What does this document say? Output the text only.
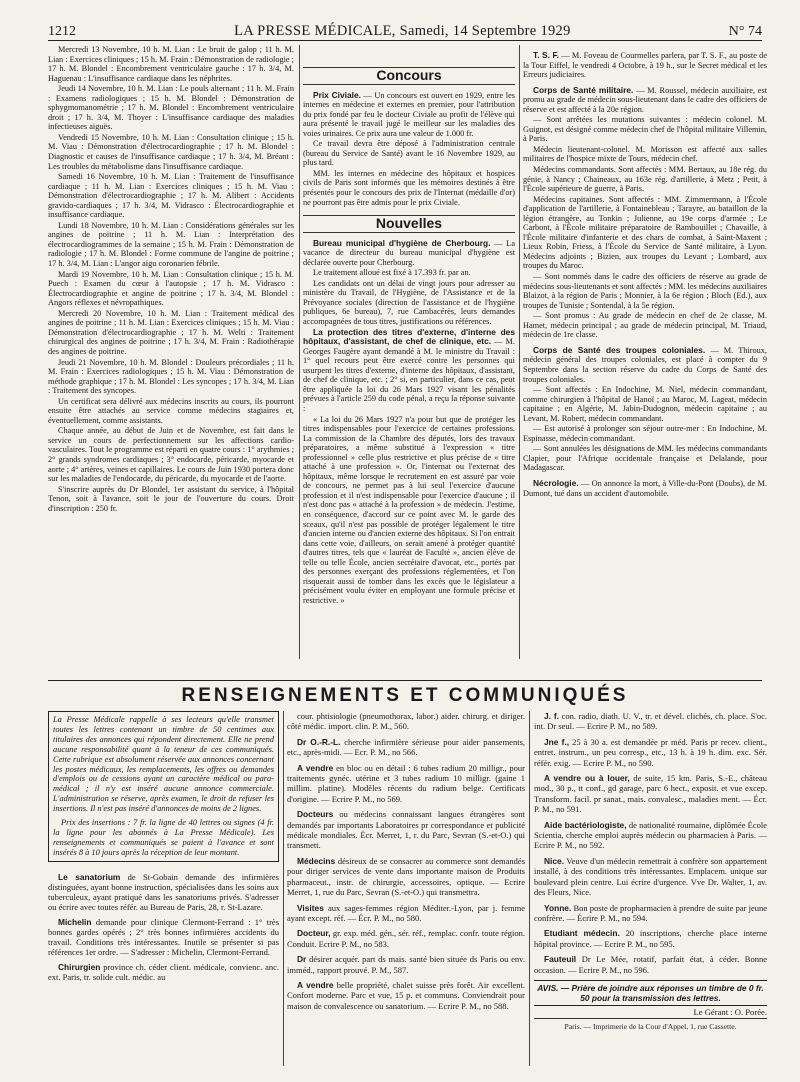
1212	LA PRESSE MÉDICALE, Samedi, 14 Septembre 1929	N° 74

Mercredi 13 Novembre, 10 h. M. Lian : Le bruit de galop ; 11 h. M. Lian : Exercices cliniques ; 15 h. M. Frain : Démonstration de radiologie ; 17 h. M. Blondel : Encombrement ventriculaire gauche : 17 h. 3/4, M. Haguenau : L'insuffisance cardiaque dans les néphrites.

Jeudi 14 Novembre, 10 h. M. Lian : Le pouls alternant ; 11 h. M. Frain : Examens radiologiques ; 15 h. M. Blondel : Démonstration de sphygmomanométrie ; 17 h. M. Blondel : Encombrement ventriculaire droit ; 17 h. 3/4, M. Thoyer : L'insuffisance cardiaque des maladies infectieuses aiguës.

Vendredi 15 Novembre, 10 h. M. Lian : Consultation clinique ; 15 h. M. Viau : Démonstration d'électrocardiographie ; 17 h. M. Blondel : Diagnostic et causes de l'insuffisance cardiaque ; 17 h. 3/4, M. Bréant : Les troubles du métabolisme dans l'insuffisance cardiaque.

Samedi 16 Novembre, 10 h. M. Lian : Traitement de l'insuffisance cardiaque ; 11 h. M. Lian : Exercices cliniques ; 15 h. M. Viau : Démonstration d'électrocardiographie ; 17 h. M. Alibert : Accidents gravido-cardiaques ; 17 h. 3/4, M. Vidrasco : Électrocardiographie et insuffisance cardiaque.

Lundi 18 Novembre, 10 h. M. Lian : Considérations générales sur les angines de poitrine ; 11 h. M. Lian : Interprétation des électrocardiogrammes de la semaine ; 15 h. M. Frain : Démonstration de radiologie ; 17 h. M. Blondel : Forme commune de l'angine de poitrine ; 17 h. 3/4, M. Lian : L'angor aigu coronarien fébrile.

Mardi 19 Novembre, 10 h. M. Lian : Consultation clinique ; 15 h. M. Puech : Examen du cœur à l'autopsie ; 17 h. M. Vidrasco : Électrocardiographie et angine de poitrine ; 17 h. 3/4, M. Blondel : Angors réflexes et névropathiques.

Mercredi 20 Novembre, 10 h. M. Lian : Traitement médical des angines de poitrine ; 11 h. M. Lian : Exercices cliniques ; 15 h. M. Viau : Démonstration d'électrocardiographie ; 17 h. M. Welti : Traitement chirurgical des angines de poitrine ; 17 h. 3/4, M. Frain : Radiothérapie des angines de poitrine.

Jeudi 21 Novembre, 10 h. M. Blondel : Douleurs précordiales ; 11 h. M. Frain : Exercices radiologiques ; 15 h. M. Viau : Démonstration de méthode graphique ; 17 h. M. Blondel : Les syncopes ; 17 h. 3/4, M. Lian : Traitement des syncopes.

Un certificat sera délivré aux médecins inscrits au cours, ils pourront ensuite être attachés au service comme médecins stagiaires et, éventuellement, comme assistants.

Chaque année, au début de Juin et de Novembre, est fait dans le service un cours de perfectionnement sur les affections cardio-vasculaires. Tout le programme est réparti en quatre cours : 1° arythmies ; 2° grands syndromes cardiaques ; 3° endocarde, péricarde, myocarde et aorte ; 4° artères, veines et capillaires. Le cours de Juin 1930 portera donc sur les maladies de l'endocarde, du péricarde, du myocarde et de l'aorte.

S'inscrire auprès du Dr Blondel, 1er assistant du service, à l'hôpital Tenon, soit à l'avance, soit le jour de l'ouverture du cours. Droit d'inscription : 250 fr.

Concours

Prix Civiale. — Un concours est ouvert en 1929, entre les internes en médecine et externes en premier, pour l'attribution du prix fondé par feu le docteur Civiale au profit de l'élève qui aura présenté le travail jugé le meilleur sur les maladies des voies urinaires. Ce prix aura une valeur de 1.000 fr.

Ce travail devra être déposé à l'administration centrale (bureau du Service de Santé) avant le 16 Novembre 1929, au plus tard.

MM. les internes en médecine des hôpitaux et hospices civils de Paris sont informés que les mémoires destinés à être présentés pour le concours des prix de l'Internat (médaille d'or) ne pourront pas être admis pour le prix Civiale.

Nouvelles

Bureau municipal d'hygiène de Cherbourg. — La vacance de directeur du bureau municipal d'hygiène est déclarée ouverte pour Cherbourg.

Le traitement alloué est fixé à 17.393 fr. par an.

Les candidats ont un délai de vingt jours pour adresser au ministère du Travail, de l'Hygiène, de l'Assistance et de la Prévoyance sociales (direction de l'assistance et de l'hygiène publiques, 6e bureau), 7, rue Cambacérès, leurs demandes accompagnées de tous titres, justifications ou références.

La protection des titres d'externe, d'interne des hôpitaux, d'assistant, de chef de clinique, etc. — M. Georges Faugère ayant demandé à M. le ministre du Travail : 1° quel recours peut être exercé contre les personnes qui usurpent les titres d'externe, d'interne des hôpitaux, d'assistant, de chef de clinique, etc. ; 2° si, en particulier, dans ce cas, peut être appliquée la loi du 26 Mars 1927 visant les pénalités prévues à l'article 259 du code pénal, a reçu la réponse suivante :

« La loi du 26 Mars 1927 n'a pour but que de protéger les titres indispensables pour l'exercice de certaines professions. La commission de la Chambre des députés, lors des travaux préparatoires, a même substitué à l'expression « titre professionnel » celle plus restrictive et plus précise de « titre attaché à une profession ». Or, l'internat ou l'externat des hôpitaux, même lorsque le recrutement en est assuré par voie de concours, ne permet pas à lui seul l'exercice d'aucune profession et il n'est indispensable pour l'exercice d'aucune ; il n'est donc pas « attaché à la profession » de médecin. J'estime, en conséquence, d'accord sur ce point avec M. le garde des sceaux, qu'il n'est pas possible de protéger légalement le titre d'ancien interne ou d'ancien externe des hôpitaux. Si l'on entrait dans cette voie, d'ailleurs, on serait amené à protéger quantité d'autres titres, tels que « lauréat de Faculté », ancien élève de telle ou telle École, ancien secrétaire d'avocat, etc., portés par des personnes exerçant des professions réglementées, et l'on risquerait aussi de tomber dans les excès que le législateur a précisément voulu éviter en employant une formule précise et restrictive. »

T. S. F. — M. Foveau de Courmelles parlera, par T. S. F., au poste de la Tour Eiffel, le vendredi 4 Octobre, à 19 h., sur le Secret médical et les Erreurs judiciaires.

Corps de Santé militaire. — M. Roussel, médecin auxiliaire, est promu au grade de médecin sous-lieutenant dans le cadre des officiers de réserve et est affecté à la 20e région.

— Sont arrêtées les mutations suivantes : médecin colonel. M. Guignot, est désigné comme médecin chef de l'hôpital militaire Villemin, à Paris.

Médecin lieutenant-colonel. M. Morisson est affecté aux salles militaires de l'hospice mixte de Tours, médecin chef.

Médecins commandants. Sont affectés : MM. Bertaux, au 18e rég. du génie, à Nancy ; Chaineaux, au 163e rég. d'artillerie, à Metz ; Petit, à l'École supérieure de guerre, à Paris.

Médecins capitaines. Sont affectés : MM. Zimmermann, à l'École d'application de l'artillerie, à Fontainebleau ; Tarayre, au bataillon de la légion étrangère, au Tonkin ; Julienne, au 19e corps d'armée ; Le Carbont, à l'École militaire préparatoire de Rambouillet ; Chavaille, à l'École militaire d'infanterie et des chars de combat, à Saint-Maxent ; Lieux Robin, Friess, à l'École du Service de Santé militaire, à Lyon. Médecins adjoints ; Bizien, aux troupes du Levant ; Lombard, aux troupes du Maroc.

— Sont nommés dans le cadre des officiers de réserve au grade de médecins sous-lieutenants et sont affectés : MM. les médecins auxiliaires Blaizot, à la région de Paris ; Monnier, à la 6e région ; Bloch (Ed.), aux troupes de Tunisie ; Sontendal, à la 5e région.

— Sont promus : Au grade de médecin en chef de 2e classe, M. Hamet, médecin principal ; au grade de médecin principal, M. Triaud, médecin de 1re classe.

Corps de Santé des troupes coloniales. — M. Thiroux, médecin général des troupes coloniales, est placé à compter du 9 Septembre dans la section réserve du cadre du Corps de Santé des troupes coloniales.

— Sont affectés : En Indochine, M. Niel, médecin commandant, comme chirurgien à l'hôpital de Hanoï ; au Maroc, M. Lageat, médecin capitaine ; en Algérie, M. Jabin-Dudognon, médecin capitaine ; au Levant, M. Robert, médecin commandant.

— Est autorisé à prolonger son séjour outre-mer : En Indochine, M. Espinasse, médecin commandant.

— Sont annulées les désignations de MM. les médecins commandants Clapier, pour l'Afrique occidentale française et Delalande, pour Madagascar.

Nécrologie. — On annonce la mort, à Ville-du-Pont (Doubs), de M. Dumont, tué dans un accident d'automobile.

RENSEIGNEMENTS ET COMMUNIQUÉS
La Presse Médicale rappelle à ses lecteurs qu'elle transmet toutes les lettres contenant un timbre de 50 centimes aux titulaires des annonces qui répondent directement. Elle ne prend aucune responsabilité quant à la teneur de ces communiqués. Cette rubrique est absolument réservée aux annonces concernant les postes médicaux, les remplacements, les offres ou demandes d'emplois ou de cessions ayant un caractère médical ou para-médical ; il n'y est inséré aucune annonce commerciale. L'administration se réserve, après examen, le droit de refuser les insertions. Il n'est pas inséré d'annonces de moins de 2 lignes.
Prix des insertions : 7 fr. la ligne de 40 lettres ou signes (4 fr. la ligne pour les abonnés à La Presse Médicale). Les renseignements et communiqués se paient à l'avance et sont insérés 8 à 10 jours après la réception de leur montant.

Le sanatorium de St-Gobain demande des infirmières distinguées, ayant bonne instruction, spécialisées dans les soins aux tuberculeux, ayant pratiqué dans les sanatoriums privés. S'adresser ou écrire avec toutes référ. au Bureau de Paris, 28, r. St-Lazare.

Michelin demande pour clinique Clermont-Ferrand : 1° très bonnes gardes opérés ; 2° très bonnes infirmières accidents du travail. Conditions très intéressantes. Inutile se présenter si pas références 1er ordre. — S'adresser : Michelin, Clermont-Ferrand.

Chirurgien province ch. céder client. médicale, convienc. anc. ext. Paris, tr. solide cult. médic. au

cour. phtisiologie (pneumothorax, labor.) aider. chirurg. et diriger. côté médic. import. clin. P. M., 560.

Dr O.-R.-L. cherche infirmière sérieuse pour aider pansements, etc., après-midi. — Ecr. P. M., no 566.

A vendre en bloc ou en détail : 6 tubes radium 20 milligr., pour traitements gynéc. utérine et 3 tubes radium 10 milligr. (gaine 1 millim. platine). Modèles récents du radium belge. Certificats d'origine. — Ecrire P. M., no 569.

Docteurs ou médecins connaissant langues étrangères sont demandés par importants Laboratoires pr correspondance et publicité médicale mondiales. Écr. Merret, 1, r. du Parc, Sevran (S.-et-O.) qui transmett.

Médecins désireux de se consacrer au commerce sont demandés pour diriger services de vente dans importante maison de Produits pharmaceut., instr. de chirurgie, accessoires, optique. — Ecrire Merret, 1, rue du Parc, Sevran (S.-et-O.) qui transmettra.

Visites aux sages-femmes région Méditer.-Lyon, par j. femme ayant except. réf. — Écr. P. M., no 580.

Docteur, gr. exp. méd. gén., sér. réf., remplac. confr. toute région. Conduit. Ecrire P. M., no 583.

Dr désirer acquér. part ds mais. santé bien située ds Paris ou env. imméd., rapport prouvé. P. M., 587.

A vendre belle propriété, chalet suisse près forêt. Air excellent. Confort moderne. Parc et vue, 15 p. et communs. Conviendrait pour maison de convalescence ou sanatorium. — Ecrire P. M., no 588.

J. f. con. radio, diath. U. V., tr. et dével. clichés, ch. place. S'oc. int. Dr seul. — Ecrire P. M., no 589.

Jne f., 25 à 30 a. est demandée pr méd. Paris pr recev. client., entret. instrum., un peu corresp., etc., 13 h. à 19 h. dim. exc. Sér. référ. exig. — Ecrire P. M., no 590.

A vendre ou à louer, de suite, 15 km. Paris, S.-E., château mod., 30 p., tt conf., gd garage, parc 6 hect., exposit. et vue excep. Transform. facil. pr sanat., mais. convalesc., maladies ment. — Écr. P. M., no 591.

Aide bactériologiste, de nationalité roumaine, diplômée École Scientia, cherche emploi auprès médecin ou pharmacien à Paris. — Ecrire P. M., no 592.

Nice. Veuve d'un médecin remettrait à confrère son appartement installé, à des conditions très intéressantes. Emplacem. unique sur boulevard plein centre. Lui écrire d'urgence. Vve Dr. Walter, 1, av. des Fleurs, Nice.

Yonne. Bon poste de propharmacien à prendre de suite par jeune confrère. — Écrire P. M., no 594.

Etudiant médecin. 20 inscriptions, cherche place interne hôpital province. — Ecrire P. M., no 595.

Fauteuil Dr Le Mée, rotatif, parfait état, à céder. Bonne occasion. — Ecrire P. M., no 596.

AVIS. — Prière de joindre aux réponses un timbre de 0 fr. 50 pour la transmission des lettres.

Le Gérant : O. Porée.

Paris. — Imprimerie de la Cour d'Appel, 1, rue Cassette.
